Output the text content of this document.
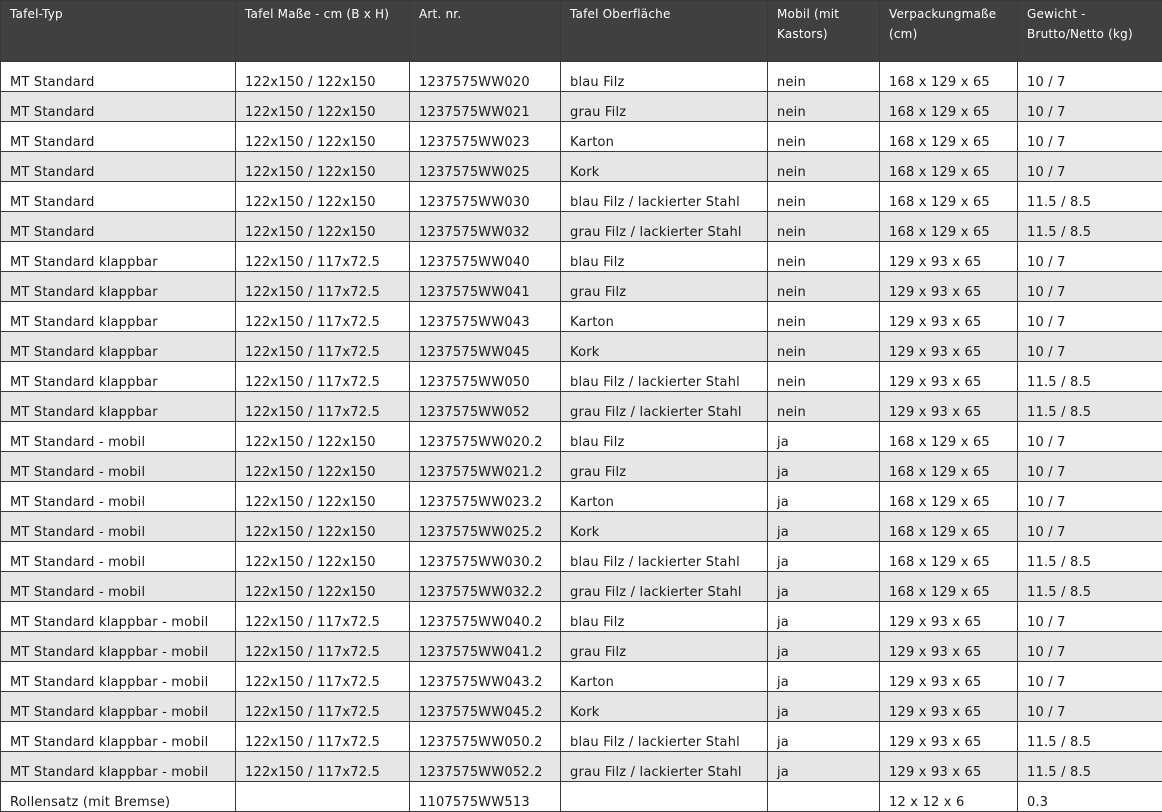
Tafel-Typ	Tafel Maße - cm (B x H)	Art. nr.	Tafel Oberfläche	Mobil (mit Kastors)	Verpackungmaße (cm)	Gewicht - Brutto/Netto (kg)
MT Standard	122x150 / 122x150	1237575WW020	blau Filz	nein	168 x 129 x 65	10 / 7
MT Standard	122x150 / 122x150	1237575WW021	grau Filz	nein	168 x 129 x 65	10 / 7
MT Standard	122x150 / 122x150	1237575WW023	Karton	nein	168 x 129 x 65	10 / 7
MT Standard	122x150 / 122x150	1237575WW025	Kork	nein	168 x 129 x 65	10 / 7
MT Standard	122x150 / 122x150	1237575WW030	blau Filz / lackierter Stahl	nein	168 x 129 x 65	11.5 / 8.5
MT Standard	122x150 / 122x150	1237575WW032	grau Filz / lackierter Stahl	nein	168 x 129 x 65	11.5 / 8.5
MT Standard klappbar	122x150 / 117x72.5	1237575WW040	blau Filz	nein	129 x 93 x 65	10 / 7
MT Standard klappbar	122x150 / 117x72.5	1237575WW041	grau Filz	nein	129 x 93 x 65	10 / 7
MT Standard klappbar	122x150 / 117x72.5	1237575WW043	Karton	nein	129 x 93 x 65	10 / 7
MT Standard klappbar	122x150 / 117x72.5	1237575WW045	Kork	nein	129 x 93 x 65	10 / 7
MT Standard klappbar	122x150 / 117x72.5	1237575WW050	blau Filz / lackierter Stahl	nein	129 x 93 x 65	11.5 / 8.5
MT Standard klappbar	122x150 / 117x72.5	1237575WW052	grau Filz / lackierter Stahl	nein	129 x 93 x 65	11.5 / 8.5
MT Standard - mobil	122x150 / 122x150	1237575WW020.2	blau Filz	ja	168 x 129 x 65	10 / 7
MT Standard - mobil	122x150 / 122x150	1237575WW021.2	grau Filz	ja	168 x 129 x 65	10 / 7
MT Standard - mobil	122x150 / 122x150	1237575WW023.2	Karton	ja	168 x 129 x 65	10 / 7
MT Standard - mobil	122x150 / 122x150	1237575WW025.2	Kork	ja	168 x 129 x 65	10 / 7
MT Standard - mobil	122x150 / 122x150	1237575WW030.2	blau Filz / lackierter Stahl	ja	168 x 129 x 65	11.5 / 8.5
MT Standard - mobil	122x150 / 122x150	1237575WW032.2	grau Filz / lackierter Stahl	ja	168 x 129 x 65	11.5 / 8.5
MT Standard klappbar - mobil	122x150 / 117x72.5	1237575WW040.2	blau Filz	ja	129 x 93 x 65	10 / 7
MT Standard klappbar - mobil	122x150 / 117x72.5	1237575WW041.2	grau Filz	ja	129 x 93 x 65	10 / 7
MT Standard klappbar - mobil	122x150 / 117x72.5	1237575WW043.2	Karton	ja	129 x 93 x 65	10 / 7
MT Standard klappbar - mobil	122x150 / 117x72.5	1237575WW045.2	Kork	ja	129 x 93 x 65	10 / 7
MT Standard klappbar - mobil	122x150 / 117x72.5	1237575WW050.2	blau Filz / lackierter Stahl	ja	129 x 93 x 65	11.5 / 8.5
MT Standard klappbar - mobil	122x150 / 117x72.5	1237575WW052.2	grau Filz / lackierter Stahl	ja	129 x 93 x 65	11.5 / 8.5
Rollensatz (mit Bremse)		1107575WW513			12 x 12 x 6	0.3
